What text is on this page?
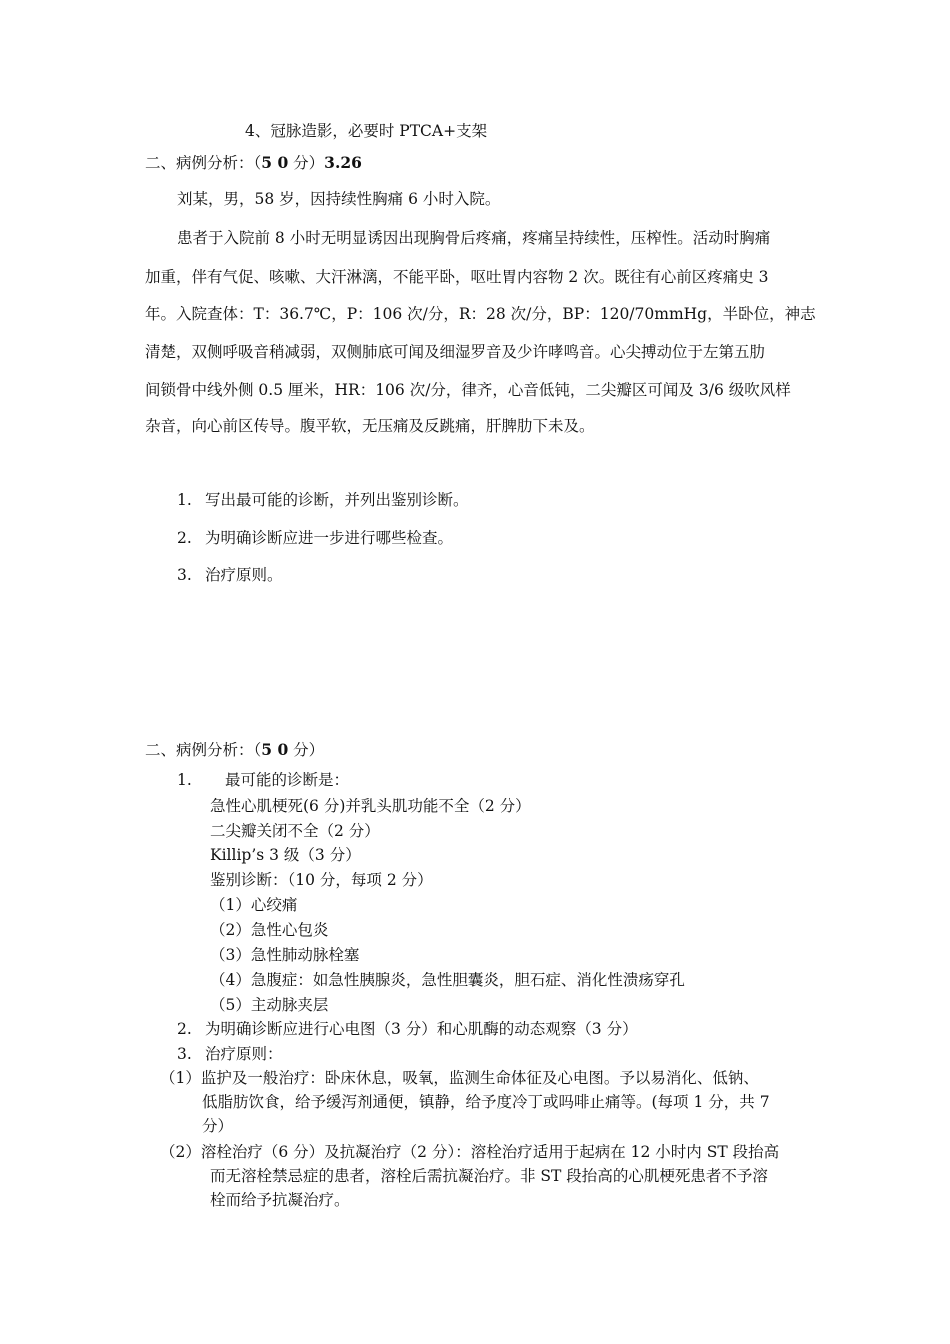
4、冠脉造影，必要时 PTCA+支架
二、病例分析：（5 0 分）3.26
刘某，男，58 岁，因持续性胸痛 6 小时入院。
患者于入院前 8 小时无明显诱因出现胸骨后疼痛，疼痛呈持续性，压榨性。活动时胸痛
加重，伴有气促、咳嗽、大汗淋漓，不能平卧，呕吐胃内容物 2 次。既往有心前区疼痛史 3
年。入院查体：T：36.7℃，P：106 次/分，R：28 次/分，BP：120/70mmHg，半卧位，神志
清楚，双侧呼吸音稍减弱，双侧肺底可闻及细湿罗音及少许哮鸣音。心尖搏动位于左第五肋
间锁骨中线外侧 0.5 厘米，HR：106 次/分，律齐，心音低钝，二尖瓣区可闻及 3/6 级吹风样
杂音，向心前区传导。腹平软，无压痛及反跳痛，肝脾肋下未及。
1. 写出最可能的诊断，并列出鉴别诊断。
2. 为明确诊断应进一步进行哪些检查。
3. 治疗原则。
二、病例分析：（5 0 分）
1. 最可能的诊断是：
急性心肌梗死(6 分)并乳头肌功能不全（2 分）
二尖瓣关闭不全（2 分）
Killip’s 3 级（3 分）
鉴别诊断：（10 分，每项 2 分）
（1）心绞痛
（2）急性心包炎
（3）急性肺动脉栓塞
（4）急腹症：如急性胰腺炎，急性胆囊炎，胆石症、消化性溃疡穿孔
（5）主动脉夹层
2. 为明确诊断应进行心电图（3 分）和心肌酶的动态观察（3 分）
3. 治疗原则：
（1）监护及一般治疗：卧床休息，吸氧，监测生命体征及心电图。予以易消化、低钠、
低脂肪饮食，给予缓泻剂通便，镇静，给予度冷丁或吗啡止痛等。(每项 1 分，共 7
分）
（2）溶栓治疗（6 分）及抗凝治疗（2 分）：溶栓治疗适用于起病在 12 小时内 ST 段抬高
而无溶栓禁忌症的患者，溶栓后需抗凝治疗。非 ST 段抬高的心肌梗死患者不予溶
栓而给予抗凝治疗。
